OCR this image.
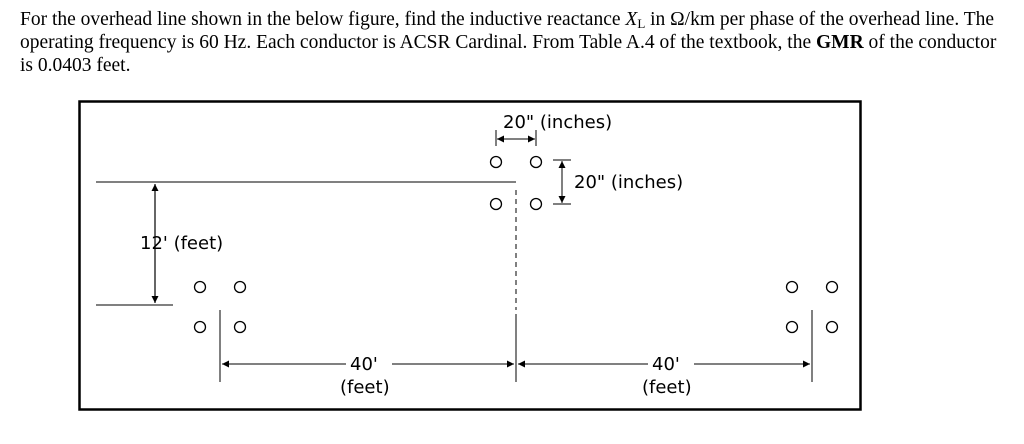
For the overhead line shown in the below figure, find the inductive reactance $X_L$ in Ω/km per phase of the overhead line. The operating frequency is 60 Hz. Each conductor is ACSR Cardinal. From Table A.4 of the textbook, the GMR of the conductor is 0.0403 feet.

12' (feet)
20" (inches)
20" (inches)
40'
(feet)
40'
(feet)
